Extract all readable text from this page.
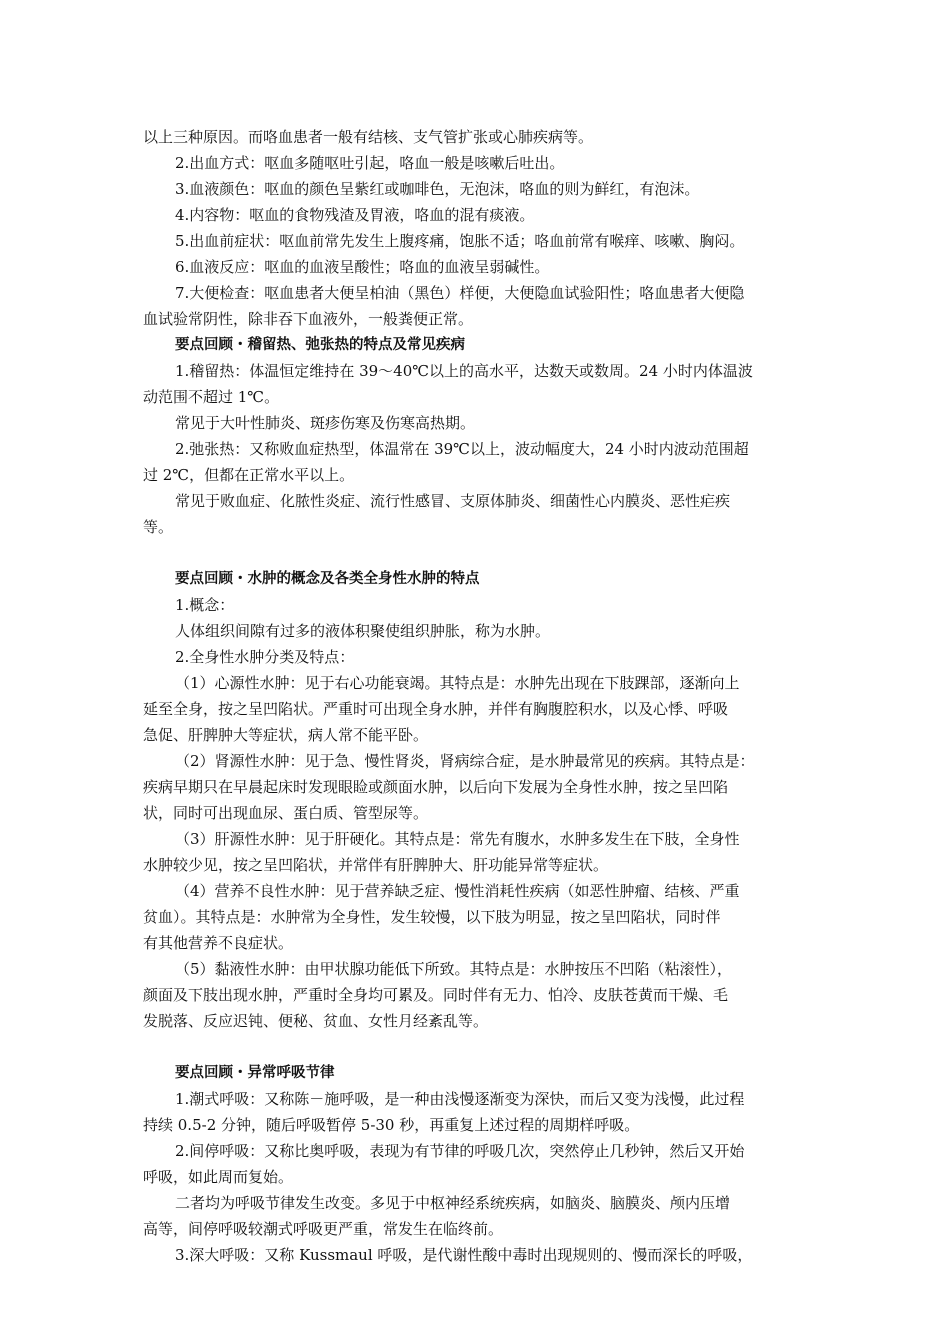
以上三种原因。而咯血患者一般有结核、支气管扩张或心肺疾病等。
2.出血方式：呕血多随呕吐引起，咯血一般是咳嗽后吐出。
3.血液颜色：呕血的颜色呈紫红或咖啡色，无泡沫，咯血的则为鲜红，有泡沫。
4.内容物：呕血的食物残渣及胃液，咯血的混有痰液。
5.出血前症状：呕血前常先发生上腹疼痛，饱胀不适；咯血前常有喉痒、咳嗽、胸闷。
6.血液反应：呕血的血液呈酸性；咯血的血液呈弱碱性。
7.大便检查：呕血患者大便呈柏油（黑色）样便，大便隐血试验阳性；咯血患者大便隐
血试验常阴性，除非吞下血液外，一般粪便正常。
要点回顾・稽留热、弛张热的特点及常见疾病
1.稽留热：体温恒定维持在 39～40℃以上的高水平，达数天或数周。24 小时内体温波
动范围不超过 1℃。
常见于大叶性肺炎、斑疹伤寒及伤寒高热期。
2.弛张热：又称败血症热型，体温常在 39℃以上，波动幅度大，24 小时内波动范围超
过 2℃，但都在正常水平以上。
常见于败血症、化脓性炎症、流行性感冒、支原体肺炎、细菌性心内膜炎、恶性疟疾
等。
要点回顾・水肿的概念及各类全身性水肿的特点
1.概念：
人体组织间隙有过多的液体积聚使组织肿胀，称为水肿。
2.全身性水肿分类及特点：
（1）心源性水肿：见于右心功能衰竭。其特点是：水肿先出现在下肢踝部，逐渐向上
延至全身，按之呈凹陷状。严重时可出现全身水肿，并伴有胸腹腔积水，以及心悸、呼吸
急促、肝脾肿大等症状，病人常不能平卧。
（2）肾源性水肿：见于急、慢性肾炎，肾病综合症，是水肿最常见的疾病。其特点是：
疾病早期只在早晨起床时发现眼睑或颜面水肿，以后向下发展为全身性水肿，按之呈凹陷
状，同时可出现血尿、蛋白质、管型尿等。
（3）肝源性水肿：见于肝硬化。其特点是：常先有腹水，水肿多发生在下肢，全身性
水肿较少见，按之呈凹陷状，并常伴有肝脾肿大、肝功能异常等症状。
（4）营养不良性水肿：见于营养缺乏症、慢性消耗性疾病（如恶性肿瘤、结核、严重
贫血）。其特点是：水肿常为全身性，发生较慢，以下肢为明显，按之呈凹陷状，同时伴
有其他营养不良症状。
（5）黏液性水肿：由甲状腺功能低下所致。其特点是：水肿按压不凹陷（粘滚性），
颜面及下肢出现水肿，严重时全身均可累及。同时伴有无力、怕冷、皮肤苍黄而干燥、毛
发脱落、反应迟钝、便秘、贫血、女性月经紊乱等。
要点回顾・异常呼吸节律
1.潮式呼吸：又称陈－施呼吸，是一种由浅慢逐渐变为深快，而后又变为浅慢，此过程
持续 0.5-2 分钟，随后呼吸暂停 5-30 秒，再重复上述过程的周期样呼吸。
2.间停呼吸：又称比奥呼吸，表现为有节律的呼吸几次，突然停止几秒钟，然后又开始
呼吸，如此周而复始。
二者均为呼吸节律发生改变。多见于中枢神经系统疾病，如脑炎、脑膜炎、颅内压增
高等，间停呼吸较潮式呼吸更严重，常发生在临终前。
3.深大呼吸：又称 Kussmaul 呼吸，是代谢性酸中毒时出现规则的、慢而深长的呼吸，
